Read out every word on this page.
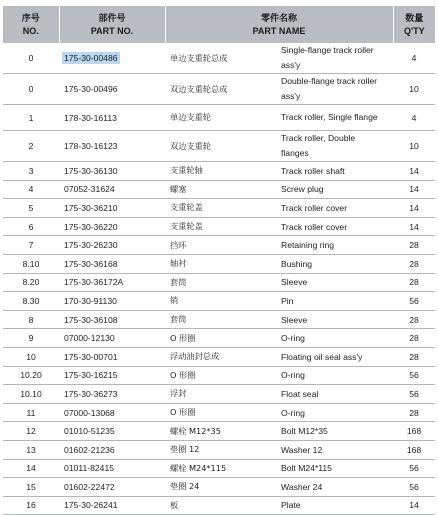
序号	部件号	零件名称		数量
NO.	PART NO.	PART NAME		Q'TY
0	175-30-00486	单边支重轮总成	Single-flange track roller ass'y	4
0	175-30-00496	双边支重轮总成	Double-flange track roller ass'y	10
1	178-30-16113	单边支重轮	Track roller, Single flange	4
2	178-30-16123	双边支重轮	Track roller, Double flanges	10
3	175-30-36130	支重轮轴	Track roller shaft	14
4	07052-31624	螺塞	Screw plug	14
5	175-30-36210	支重轮盖	Track roller cover	14
6	175-30-36220	支重轮盖	Track roller cover	14
7	175-30-26230	挡环	Retaining ring	28
8.10	175-30-36168	轴衬	Bushing	28
8.20	175-30-36172A	套筒	Sleeve	28
8.30	170-30-91130	销	Pin	56
8	175-30-36108	套筒	Sleeve	28
9	07000-12130	O 形圈	O-ring	28
10	175-30-00701	浮动油封总成	Floating oil seal ass'y	28
10.20	175-30-16215	O 形圈	O-ring	56
10.10	175-30-36273	浮封	Float seal	56
11	07000-13068	O 形圈	O-ring	28
12	01010-51235	螺栓 M12*35	Bolt M12*35	168
13	01602-21236	垫圈 12	Washer 12	168
14	01011-82415	螺栓 M24*115	Bolt M24*115	56
15	01602-22472	垫圈 24	Washer 24	56
16	175-30-26241	板	Plate	14
